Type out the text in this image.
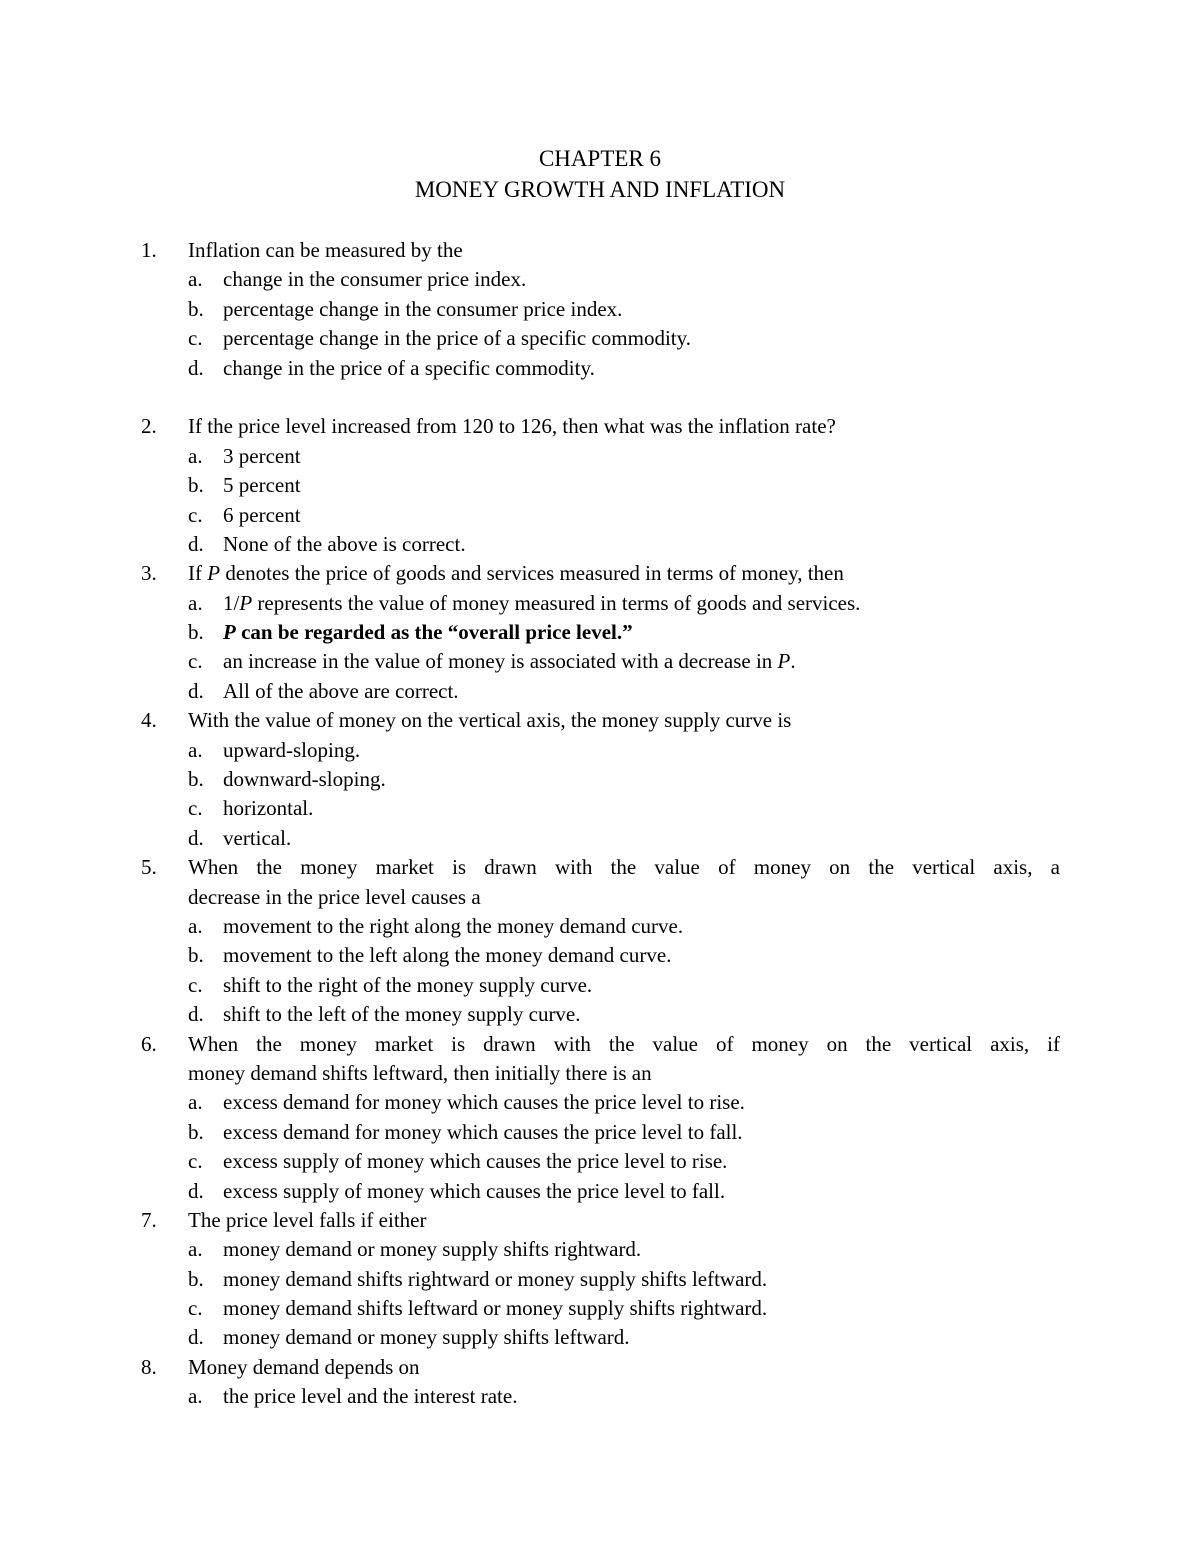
CHAPTER 6
MONEY GROWTH AND INFLATION
1.	Inflation can be measured by the
a. change in the consumer price index.
b. percentage change in the consumer price index.
c. percentage change in the price of a specific commodity.
d. change in the price of a specific commodity.
2.	If the price level increased from 120 to 126, then what was the inflation rate?
a. 3 percent
b. 5 percent
c. 6 percent
d. None of the above is correct.
3.	If P denotes the price of goods and services measured in terms of money, then
a. 1/P represents the value of money measured in terms of goods and services.
b. P can be regarded as the “overall price level.”
c. an increase in the value of money is associated with a decrease in P.
d. All of the above are correct.
4.	With the value of money on the vertical axis, the money supply curve is
a. upward-sloping.
b. downward-sloping.
c. horizontal.
d. vertical.
5.	When the money market is drawn with the value of money on the vertical axis, a
decrease in the price level causes a
a. movement to the right along the money demand curve.
b. movement to the left along the money demand curve.
c. shift to the right of the money supply curve.
d. shift to the left of the money supply curve.
6.	When the money market is drawn with the value of money on the vertical axis, if
money demand shifts leftward, then initially there is an
a. excess demand for money which causes the price level to rise.
b. excess demand for money which causes the price level to fall.
c. excess supply of money which causes the price level to rise.
d. excess supply of money which causes the price level to fall.
7.	The price level falls if either
a. money demand or money supply shifts rightward.
b. money demand shifts rightward or money supply shifts leftward.
c. money demand shifts leftward or money supply shifts rightward.
d. money demand or money supply shifts leftward.
8.	Money demand depends on
a. the price level and the interest rate.
